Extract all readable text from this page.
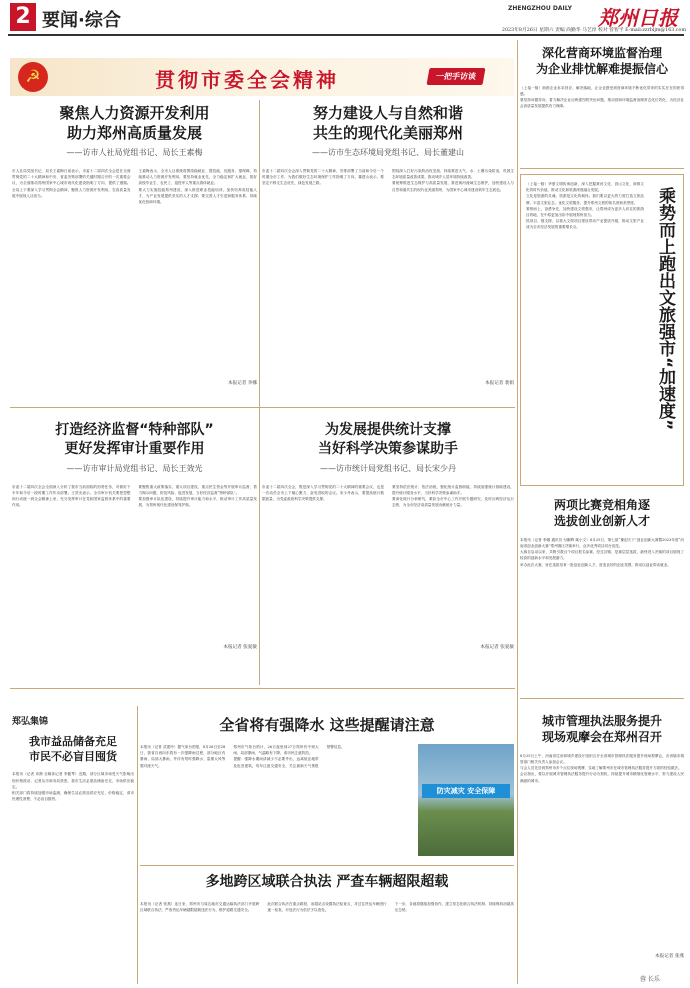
2 要闻·综合
ZHENGZHOU DAILY 郑州日报
2023年8月26日 星期六 责编 尚勤华 马艺淳 校对 曾智平 E-mail:zzrbljm@163.com
☭	贯彻市委全会精神	一把手访谈
聚焦人力资源开发利用
助力郑州高质量发展
——访市人社局党组书记、局长王素梅

市人社局党组书记、局长王素梅日前表示，市委十二届四次全会是在全面贯彻党的二十大精神和中央、省委决策部署的关键时期召开的一次重要会议，为全面推动郑州国家中心城市现代化建设指明了方向，提供了遵循。全局上下要深入学习贯彻全会精神，聚焦人力资源开发利用，在高质量发展中展现人社担当。

王素梅表示，全市人社系统将围绕稳就业、提技能、优服务、强保障，持续推动人力资源开发利用。要坚持就业优先，全力稳定和扩大就业，抓好高校毕业生、农民工、退役军人等重点群体就业。

要大力实施技能郑州建设，深入推进职业技能培训，加快培养高技能人才，为产业发展提供坚实的人才支撑；要完善人才引进和服务体系，持续优化营商环境。

本报记者 李娜
努力建设人与自然和谐
共生的现代化美丽郑州
——访市生态环境局党组书记、局长董建山

市委十二届四次全会深入贯彻党的二十大精神，安排部署了当前和今后一个时期全市工作，为我们做好生态环境保护工作指明了方向。董建山表示，要坚定不移走生态优先、绿色发展之路。

围绕深入打好污染防治攻坚战，持续推进大气、水、土壤污染防治，巩固生态环境质量改善成果，推动城乡人居环境持续改善。

要统筹推进生态保护与高质量发展，推进黄河流域生态保护，加快建设人与自然和谐共生的现代化美丽郑州，为国家中心城市建设筑牢生态底色。

本报记者 裴娟
打造经济监督“特种部队”
更好发挥审计重要作用
——访市审计局党组书记、局长王效光

市委十二届四次全会全面深入分析了我市当前面临的形势任务，对做好下半年和今后一段时期工作作出部署。王效光表示，全市审计机关要把思想和行动统一到全会精神上来，充分发挥审计在党和国家监督体系中的重要作用。

要聚焦重大政策落实、重大项目建设、重点民生资金等开展审计监督，着力揭示问题、防范风险、促进发展，当好经济监督“特种部队”。

要加强审计队伍建设，持续提升审计能力和水平，推动审计工作高质量发展，为郑州现代化建设保驾护航。

本报记者 张爱敏
为发展提供统计支撑
当好科学决策参谋助手
——访市统计局党组书记、局长宋少丹

市委十二届四次全会，既是深入学习贯彻党的二十大精神的重要会议，也是一次动员全市上下凝心聚力、奋发进取的会议。宋少丹表示，要提高统计数据质量，为党委政府科学决策提供支撑。

要坚持依法统计、依法治统，强化统计监督职能，持续加强统计基础建设，提升统计服务水平，当好科学决策参谋助手。

要深化统计分析研究，紧扣全市中心工作开展专题研究，及时反映经济运行态势，为全市经济高质量发展贡献统计力量。

本报记者 张爱敏
深化营商环境监督治理
为企业排忧解难提振信心

（上接一版）助推企业诉求回应、解决落地，让企业感受到营商环境不断优化带来的实实在在的获得感。

要坚持问题导向，着力解决企业反映强烈的突出问题，推动营商环境监督治理常态化长效化，为经济社会高质量发展提供有力保障。

（上接一版）华夏文明传承创新，深入挖掘黄河文化、嵩山文化、商都文化的时代价值，推动文化和旅游深度融合发展。

文化是旅游的灵魂，旅游是文化的载体。我们要以更大的力度打造文旅品牌，丰富文旅业态，优化文旅服务，提升郑州文旅的知名度和美誉度。

乘势而上，奋勇争先，加快建设文旅强市，让郑州成为更多人向往的旅游目的地，在中原更加出彩中展现郑州担当。

抓项目、强支撑，以重大文旅项目建设带动产业提质升级，推动文旅产业成为全市经济发展的重要增长点。	乘势而上跑出文旅强市“加速度”
两项比赛竞相角逐
选拔创业创新人才

本报讯（记者 李娜 通讯员 付鹏辉 姚小文）8月25日，第七届“豫创天下”创业创新大赛暨2023年度“河南省创业创新大赛”郑州赛区决赛举行，众多优秀项目同台竞技。

大赛自启动以来，共吸引数百个项目报名参赛，经过初赛、复赛层层选拔，最终进入决赛的项目展现了较高的创新水平和发展潜力。

举办此次大赛，旨在选拔培育一批创业创新人才，营造良好的创业氛围，推动以创业带动就业。

全省将有强降水 这些提醒请注意

本报讯（记者 武建玲）据气象台预报，8月26日至28日，我省自西向东将有一次强降雨过程，部分地区有暴雨、局部大暴雨，并伴有短时强降水、雷暴大风等强对流天气。

郑州市气象台预计，26日夜里到27日郑州有中到大雨，局部暴雨，气温略有下降，请市民注意防范。

提醒：强降水期间请减少不必要外出，远离低洼地带及危旧建筑，驾车注意交通安全，关注最新天气预报预警信息。

防灾减灾 安全保障
郑弘集锦
我市益品储备充足
市民不必盲目囤货

本报讯（记者 邓鼎 全媒体记者 李健琴）近期，部分区域市场受天气影响出现价格波动，记者从市商务局获悉，我市生活必需品储备充足，市场供应稳定。

相关部门将持续加强市场监测，确保生活必需品供应充足、价格稳定，请市民理性消费，不必盲目囤货。

多地跨区域联合执法 严查车辆超限超载

本报讯（记者 张燕）连日来，郑州市与周边地市交通运输执法部门开展跨区域联合执法，严查货运车辆超限超载违法行为，维护道路交通安全。

此次联合执法在重点路段、治超站点设置执法检查点，对过往货运车辆进行逐一检查，对违法行为依法予以查处。

下一步，各地将继续加强协作，建立常态化联合执法机制，持续保持治超高压态势。

城市管理执法服务提升
现场观摩会在郑州召开

8月25日上午，河南省住房和城乡建设厅组织召开全省城市管理执法服务提升现场观摩会，各省辖市城管部门相关负责人参加会议。

与会人员先后到郑州市多个点位现场观摩，实地了解郑州市在城市管理执法服务提升方面的经验做法。

会议指出，要以开展城市管理执法服务提升行动为契机，持续提升城市精细化管理水平，努力建设人民满意的城市。

本报记者 张燕
蓉 长乐
